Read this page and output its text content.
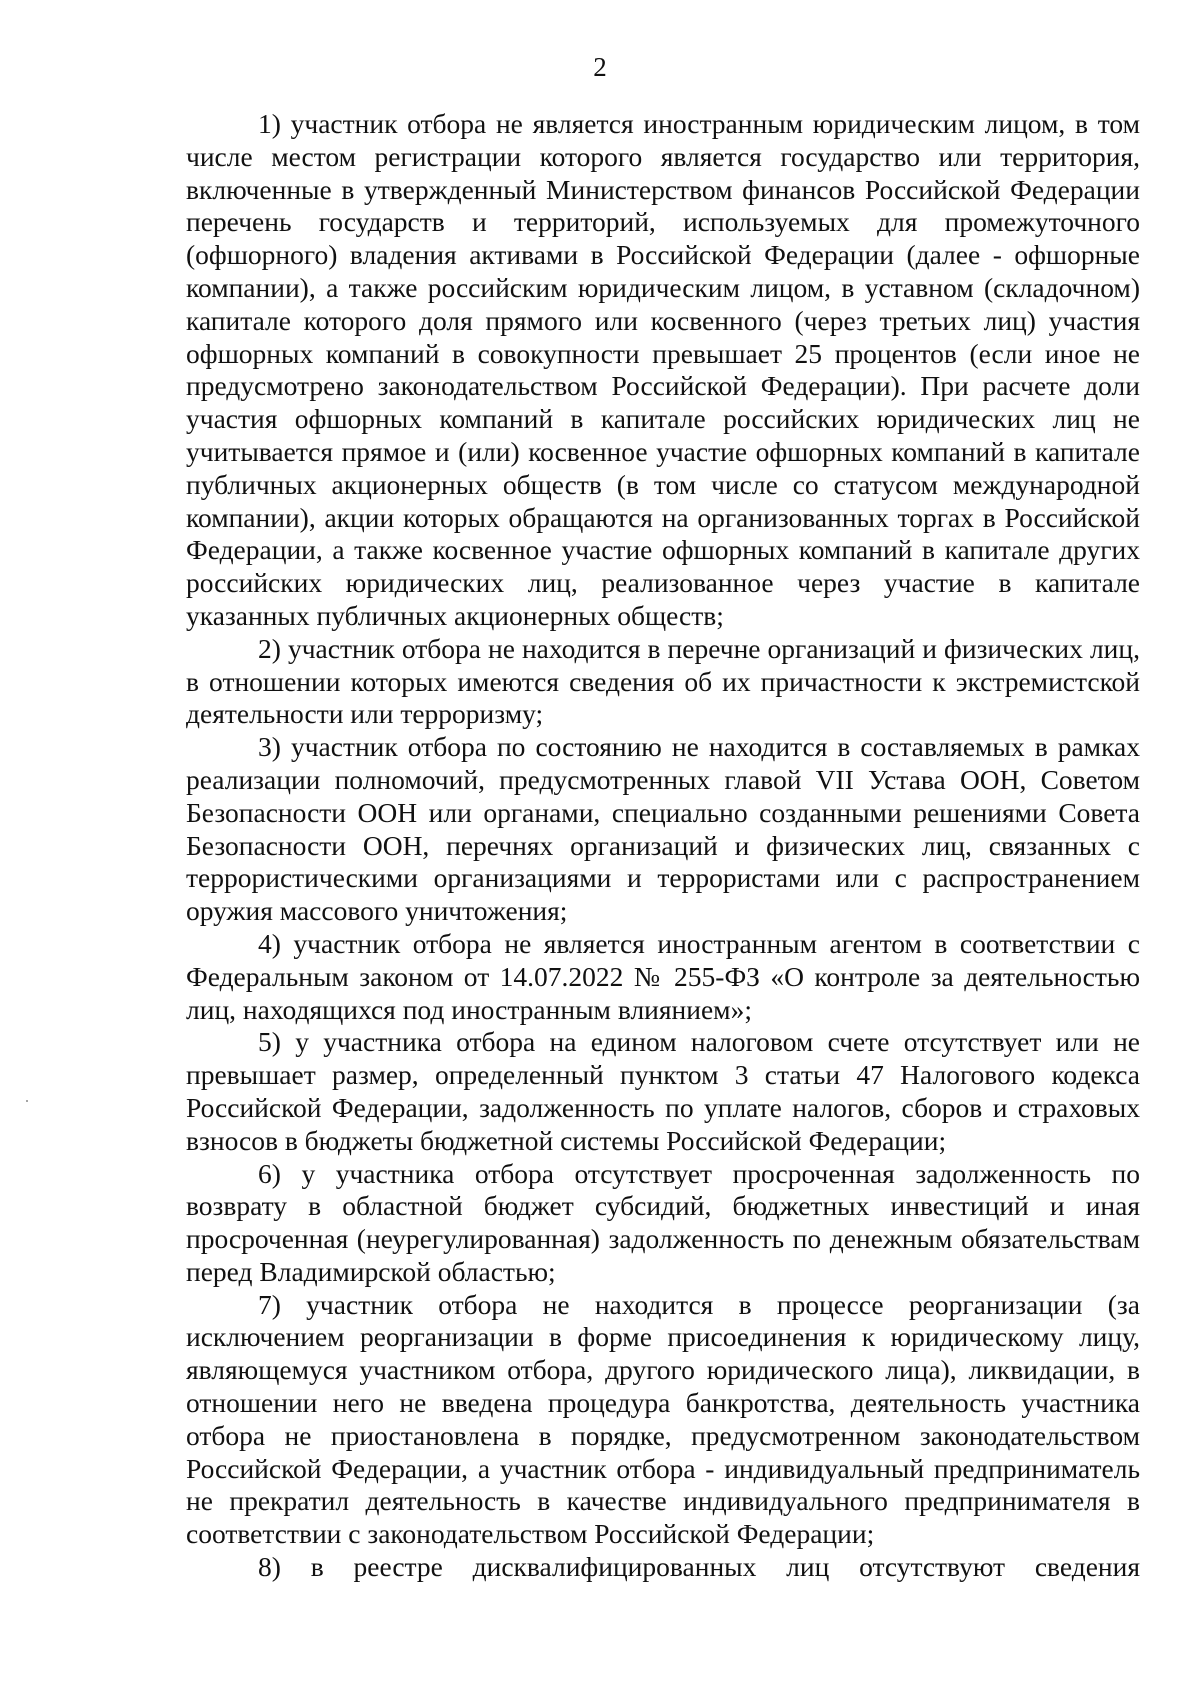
2

1) участник отбора не является иностранным юридическим лицом, в том числе местом регистрации которого является государство или территория, включенные в утвержденный Министерством финансов Российской Федерации перечень государств и территорий, используемых для промежуточного (офшорного) владения активами в Российской Федерации (далее - офшорные компании), а также российским юридическим лицом, в уставном (складочном) капитале которого доля прямого или косвенного (через третьих лиц) участия офшорных компаний в совокупности превышает 25 процентов (если иное не предусмотрено законодательством Российской Федерации). При расчете доли участия офшорных компаний в капитале российских юридических лиц не учитывается прямое и (или) косвенное участие офшорных компаний в капитале публичных акционерных обществ (в том числе со статусом международной компании), акции которых обращаются на организованных торгах в Российской Федерации, а также косвенное участие офшорных компаний в капитале других российских юридических лиц, реализованное через участие в капитале указанных публичных акционерных обществ;

2) участник отбора не находится в перечне организаций и физических лиц, в отношении которых имеются сведения об их причастности к экстремистской деятельности или терроризму;

3) участник отбора по состоянию не находится в составляемых в рамках реализации полномочий, предусмотренных главой VII Устава ООН, Советом Безопасности ООН или органами, специально созданными решениями Совета Безопасности ООН, перечнях организаций и физических лиц, связанных с террористическими организациями и террористами или с распространением оружия массового уничтожения;

4) участник отбора не является иностранным агентом в соответствии с Федеральным законом от 14.07.2022 № 255-ФЗ «О контроле за деятельностью лиц, находящихся под иностранным влиянием»;

5) у участника отбора на едином налоговом счете отсутствует или не превышает размер, определенный пунктом 3 статьи 47 Налогового кодекса Российской Федерации, задолженность по уплате налогов, сборов и страховых взносов в бюджеты бюджетной системы Российской Федерации;

6) у участника отбора отсутствует просроченная задолженность по возврату в областной бюджет субсидий, бюджетных инвестиций и иная просроченная (неурегулированная) задолженность по денежным обязательствам перед Владимирской областью;

7) участник отбора не находится в процессе реорганизации (за исключением реорганизации в форме присоединения к юридическому лицу, являющемуся участником отбора, другого юридического лица), ликвидации, в отношении него не введена процедура банкротства, деятельность участника отбора не приостановлена в порядке, предусмотренном законодательством Российской Федерации, а участник отбора - индивидуальный предприниматель не прекратил деятельность в качестве индивидуального предпринимателя в соответствии с законодательством Российской Федерации;

8) в реестре дисквалифицированных лиц отсутствуют сведения
